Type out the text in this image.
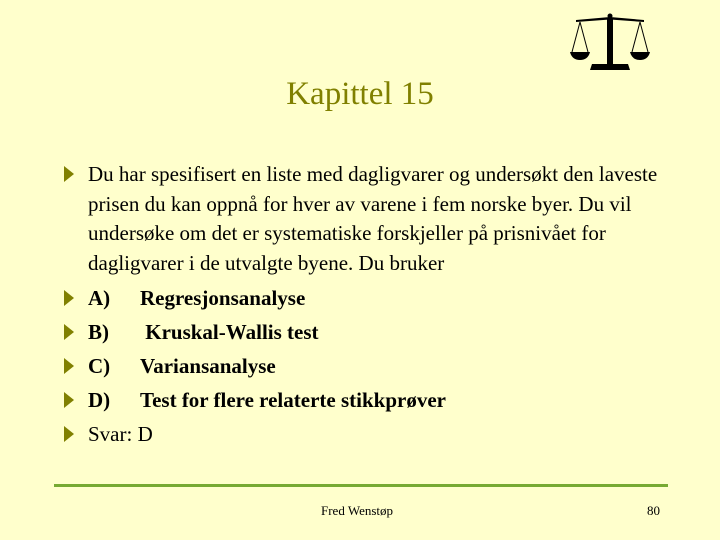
Kapittel 15
Du har spesifisert en liste med dagligvarer og undersøkt den laveste prisen du kan oppnå for hver av varene i fem norske byer. Du vil undersøke om det er systematiske forskjeller på prisnivået for dagligvarer i de utvalgte byene. Du bruker
A) Regresjonsanalyse
B) Kruskal-Wallis test
C) Variansanalyse
D) Test for flere relaterte stikkprøver
Svar: D
Fred Wenstøp	80
